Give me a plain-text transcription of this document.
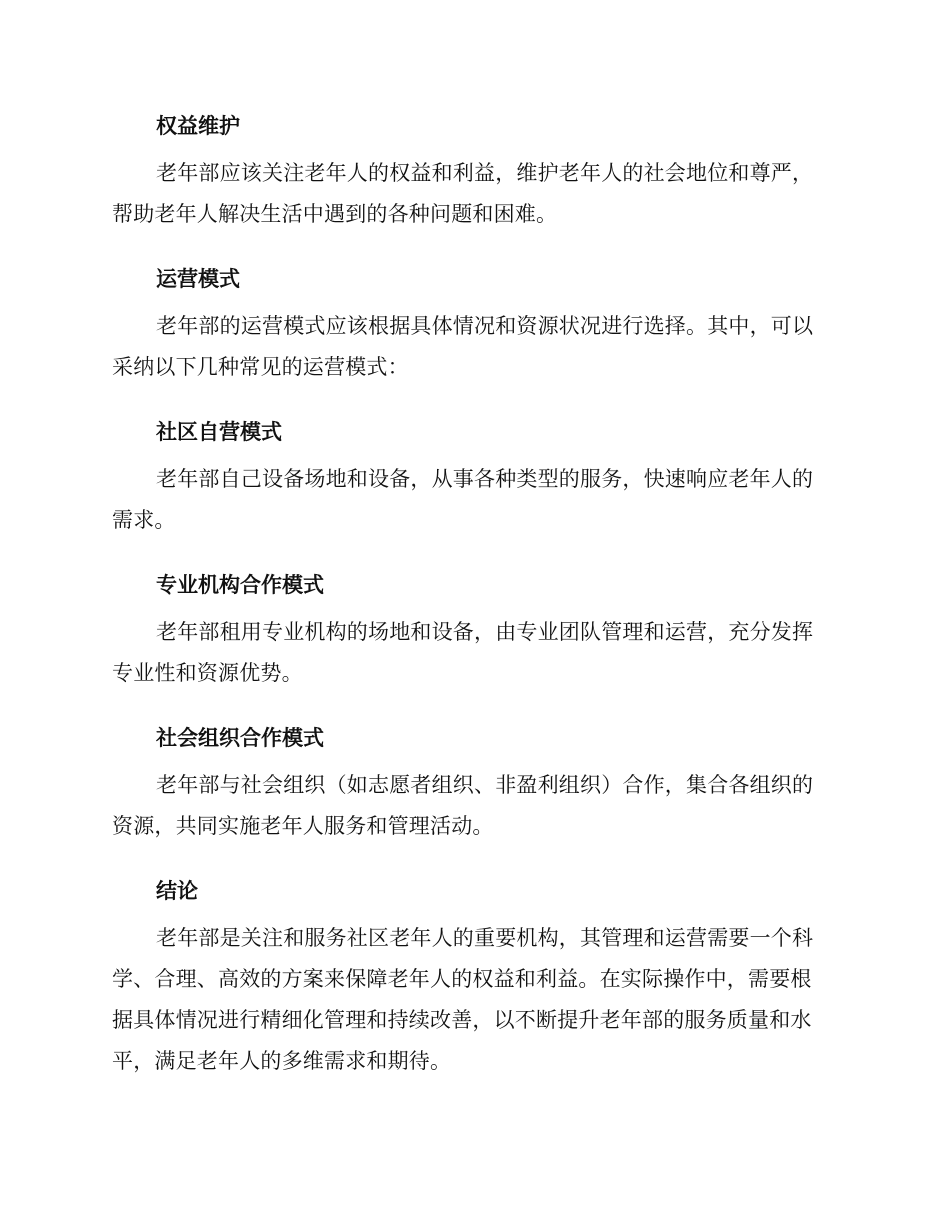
权益维护

老年部应该关注老年人的权益和利益，维护老年人的社会地位和尊严，帮助老年人解决生活中遇到的各种问题和困难。

运营模式

老年部的运营模式应该根据具体情况和资源状况进行选择。其中，可以采纳以下几种常见的运营模式：

社区自营模式

老年部自己设备场地和设备，从事各种类型的服务，快速响应老年人的需求。

专业机构合作模式

老年部租用专业机构的场地和设备，由专业团队管理和运营，充分发挥专业性和资源优势。

社会组织合作模式

老年部与社会组织（如志愿者组织、非盈利组织）合作，集合各组织的资源，共同实施老年人服务和管理活动。

结论

老年部是关注和服务社区老年人的重要机构，其管理和运营需要一个科学、合理、高效的方案来保障老年人的权益和利益。在实际操作中，需要根据具体情况进行精细化管理和持续改善，以不断提升老年部的服务质量和水平，满足老年人的多维需求和期待。
